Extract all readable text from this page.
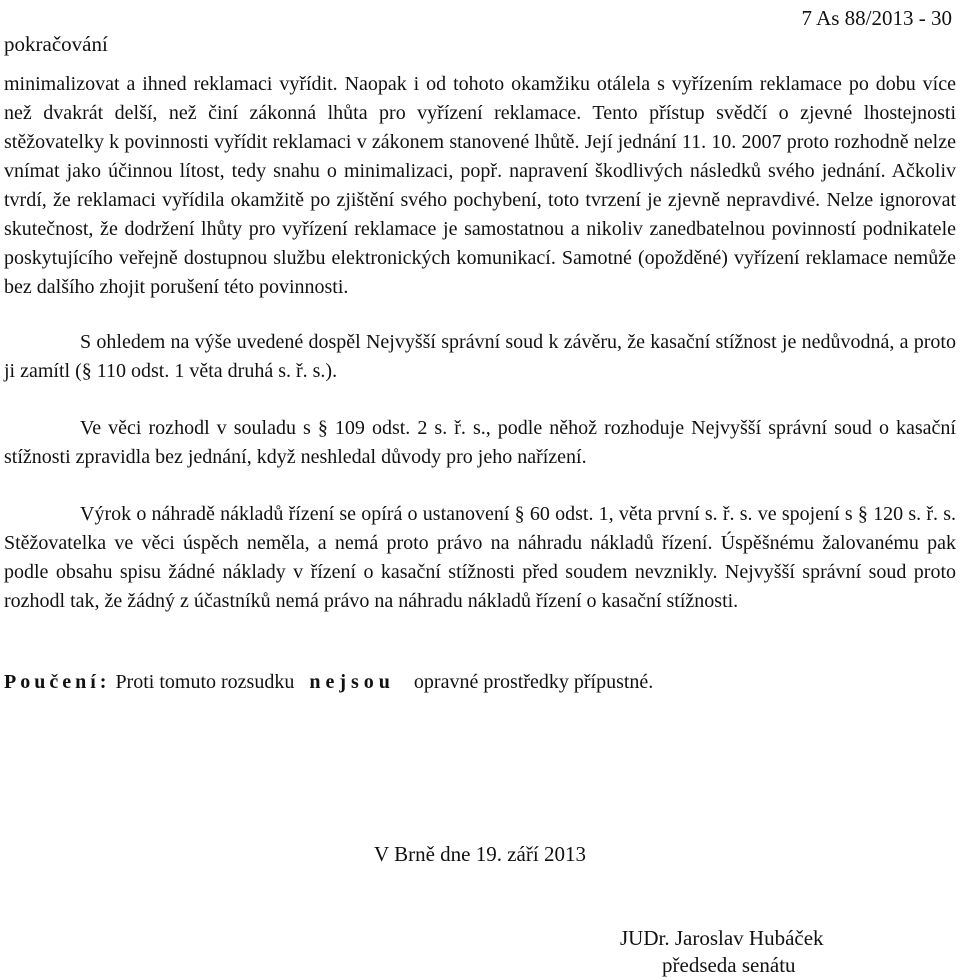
7 As 88/2013 - 30
pokračování

minimalizovat a ihned reklamaci vyřídit. Naopak i od tohoto okamžiku otálela s vyřízením reklamace po dobu více než dvakrát delší, než činí zákonná lhůta pro vyřízení reklamace. Tento přístup svědčí o zjevné lhostejnosti stěžovatelky k povinnosti vyřídit reklamaci v zákonem stanovené lhůtě. Její jednání 11. 10. 2007 proto rozhodně nelze vnímat jako účinnou lítost, tedy snahu o minimalizaci, popř. napravení škodlivých následků svého jednání. Ačkoliv tvrdí, že reklamaci vyřídila okamžitě po zjištění svého pochybení, toto tvrzení je zjevně nepravdivé. Nelze ignorovat skutečnost, že dodržení lhůty pro vyřízení reklamace je samostatnou a nikoliv zanedbatelnou povinností podnikatele poskytujícího veřejně dostupnou službu elektronických komunikací. Samotné (opožděné) vyřízení reklamace nemůže bez dalšího zhojit porušení této povinnosti.

S ohledem na výše uvedené dospěl Nejvyšší správní soud k závěru, že kasační stížnost je nedůvodná, a proto ji zamítl (§ 110 odst. 1 věta druhá s. ř. s.).

Ve věci rozhodl v souladu s § 109 odst. 2 s. ř. s., podle něhož rozhoduje Nejvyšší správní soud o kasační stížnosti zpravidla bez jednání, když neshledal důvody pro jeho nařízení.

Výrok o náhradě nákladů řízení se opírá o ustanovení § 60 odst. 1, věta první s. ř. s. ve spojení s § 120 s. ř. s. Stěžovatelka ve věci úspěch neměla, a nemá proto právo na náhradu nákladů řízení. Úspěšnému žalovanému pak podle obsahu spisu žádné náklady v řízení o kasační stížnosti před soudem nevznikly. Nejvyšší správní soud proto rozhodl tak, že žádný z účastníků nemá právo na náhradu nákladů řízení o kasační stížnosti.

Poučení: Proti tomuto rozsudku nejsou opravné prostředky přípustné.

V Brně dne 19. září 2013
JUDr. Jaroslav Hubáček
předseda senátu
